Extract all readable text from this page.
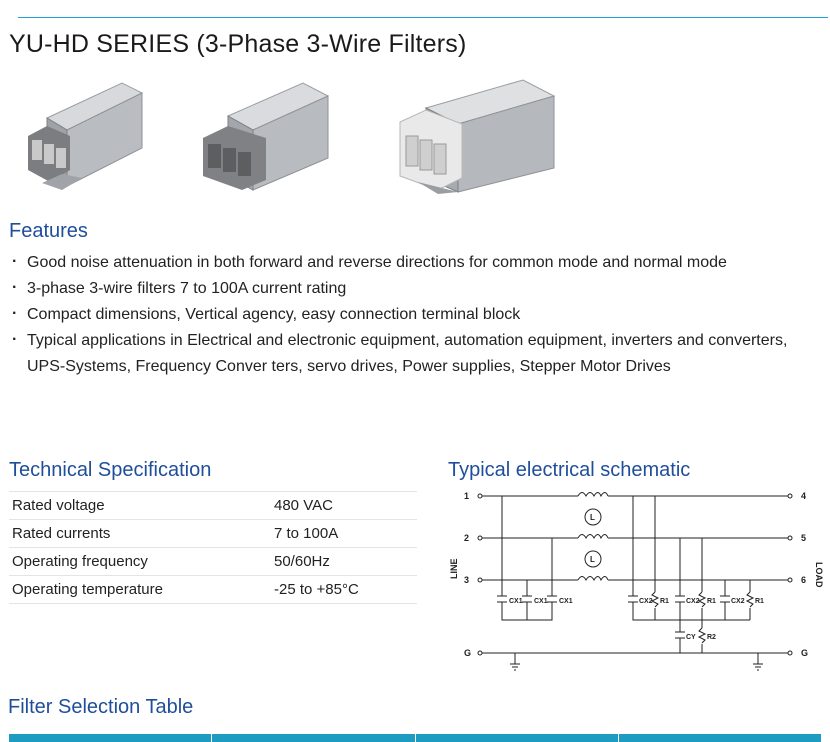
YU-HD SERIES (3-Phase 3-Wire Filters)
Features
· Good noise attenuation in both forward and reverse directions for common mode and normal mode
· 3-phase 3-wire filters 7 to 100A current rating
· Compact dimensions, Vertical agency, easy connection terminal block
· Typical applications in Electrical and electronic equipment, automation equipment, inverters and converters, UPS-Systems, Frequency Conver ters, servo drives, Power supplies, Stepper Motor Drives
Technical Specification
Rated voltage	480 VAC
Rated currents	7 to 100A
Operating frequency	50/60Hz
Operating temperature	-25 to +85°C
Typical electrical schematic
1
2
3
G
4
5
6
G
LINE	LOAD
L
L
CX1 CX1 CX1	CX2 R1 CX2 R1 CX2 R1
CY R2
Filter Selection Table
